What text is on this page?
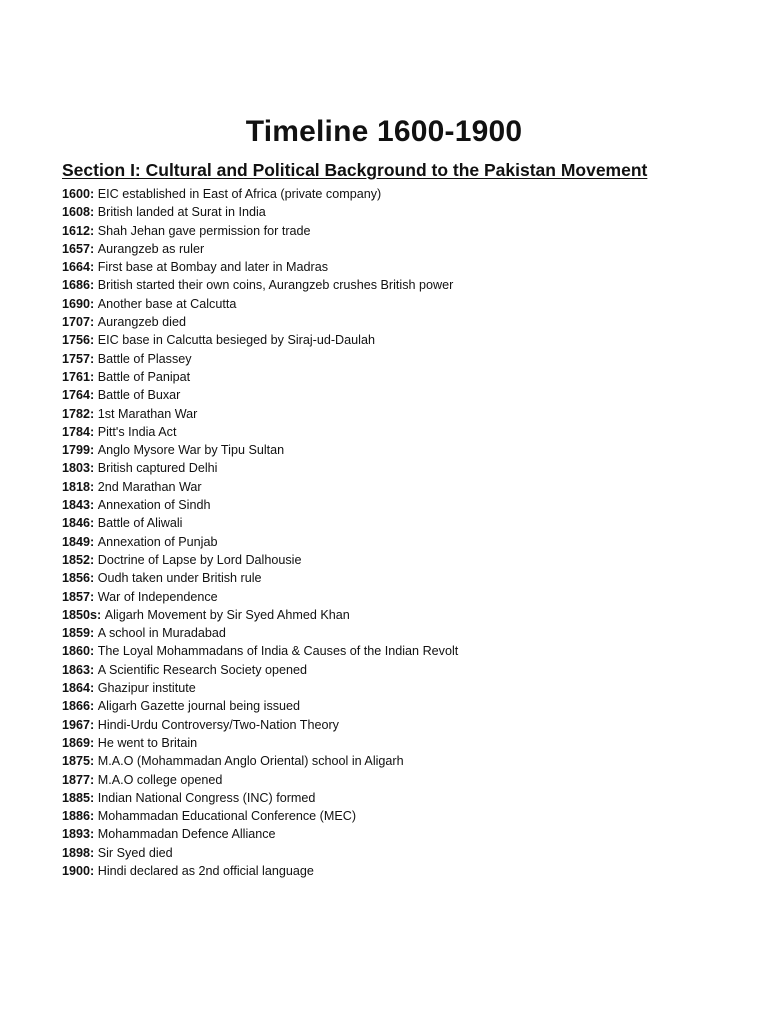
Timeline 1600-1900
Section I: Cultural and Political Background to the Pakistan Movement
1600: EIC established in East of Africa (private company)
1608: British landed at Surat in India
1612: Shah Jehan gave permission for trade
1657: Aurangzeb as ruler
1664: First base at Bombay and later in Madras
1686: British started their own coins, Aurangzeb crushes British power
1690: Another base at Calcutta
1707: Aurangzeb died
1756: EIC base in Calcutta besieged by Siraj-ud-Daulah
1757: Battle of Plassey
1761: Battle of Panipat
1764: Battle of Buxar
1782: 1st Marathan War
1784: Pitt's India Act
1799: Anglo Mysore War by Tipu Sultan
1803: British captured Delhi
1818: 2nd Marathan War
1843: Annexation of Sindh
1846: Battle of Aliwali
1849: Annexation of Punjab
1852: Doctrine of Lapse by Lord Dalhousie
1856: Oudh taken under British rule
1857: War of Independence
1850s: Aligarh Movement by Sir Syed Ahmed Khan
1859: A school in Muradabad
1860: The Loyal Mohammadans of India & Causes of the Indian Revolt
1863: A Scientific Research Society opened
1864: Ghazipur institute
1866: Aligarh Gazette journal being issued
1967: Hindi-Urdu Controversy/Two-Nation Theory
1869: He went to Britain
1875: M.A.O (Mohammadan Anglo Oriental) school in Aligarh
1877: M.A.O college opened
1885: Indian National Congress (INC) formed
1886: Mohammadan Educational Conference (MEC)
1893: Mohammadan Defence Alliance
1898: Sir Syed died
1900: Hindi declared as 2nd official language
